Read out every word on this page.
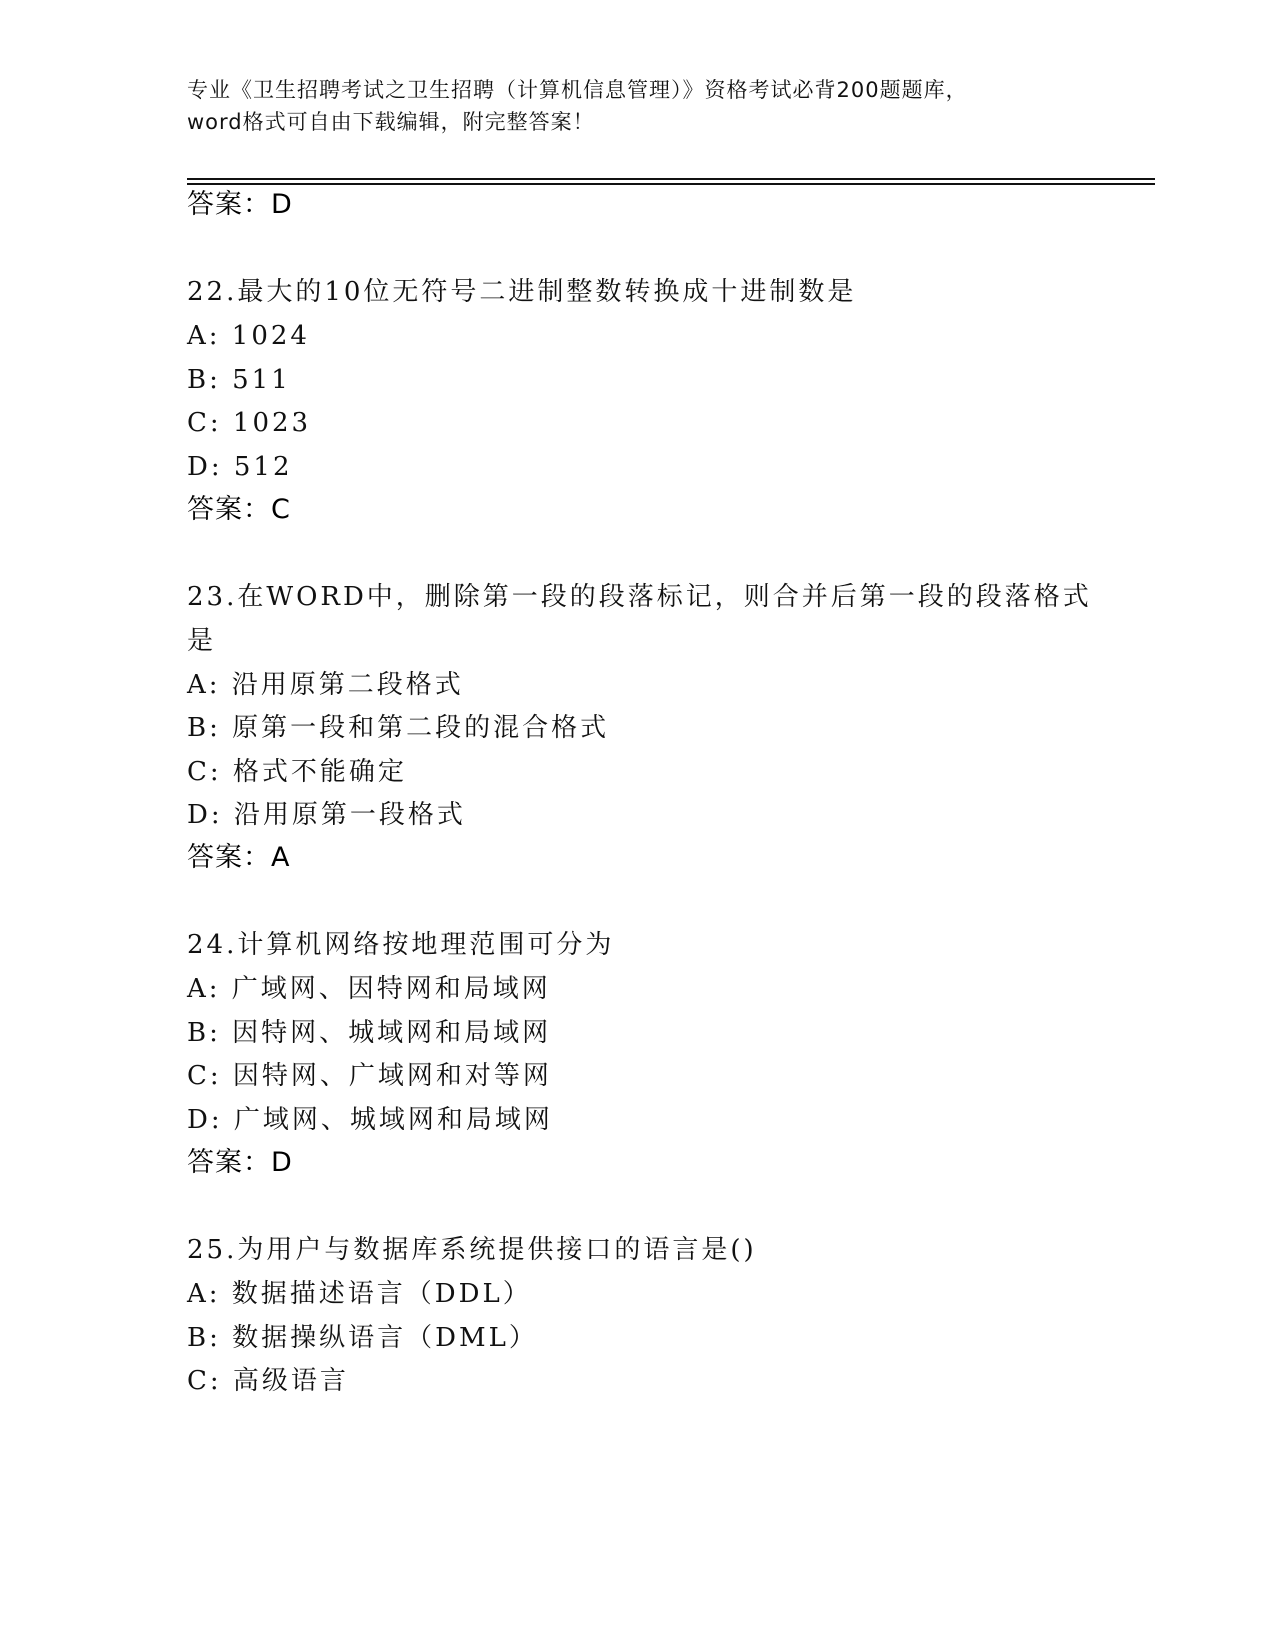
专业《卫生招聘考试之卫生招聘（计算机信息管理）》资格考试必背200题题库，
word格式可自由下载编辑，附完整答案！
答案：D
22.最大的10位无符号二进制整数转换成十进制数是
A: 1024
B: 511
C: 1023
D: 512
答案：C
23.在WORD中，删除第一段的段落标记，则合并后第一段的段落格式
是
A: 沿用原第二段格式
B: 原第一段和第二段的混合格式
C: 格式不能确定
D: 沿用原第一段格式
答案：A
24.计算机网络按地理范围可分为
A: 广域网、因特网和局域网
B: 因特网、城域网和局域网
C: 因特网、广域网和对等网
D: 广域网、城域网和局域网
答案：D
25.为用户与数据库系统提供接口的语言是()
A: 数据描述语言（DDL）
B: 数据操纵语言（DML）
C: 高级语言
